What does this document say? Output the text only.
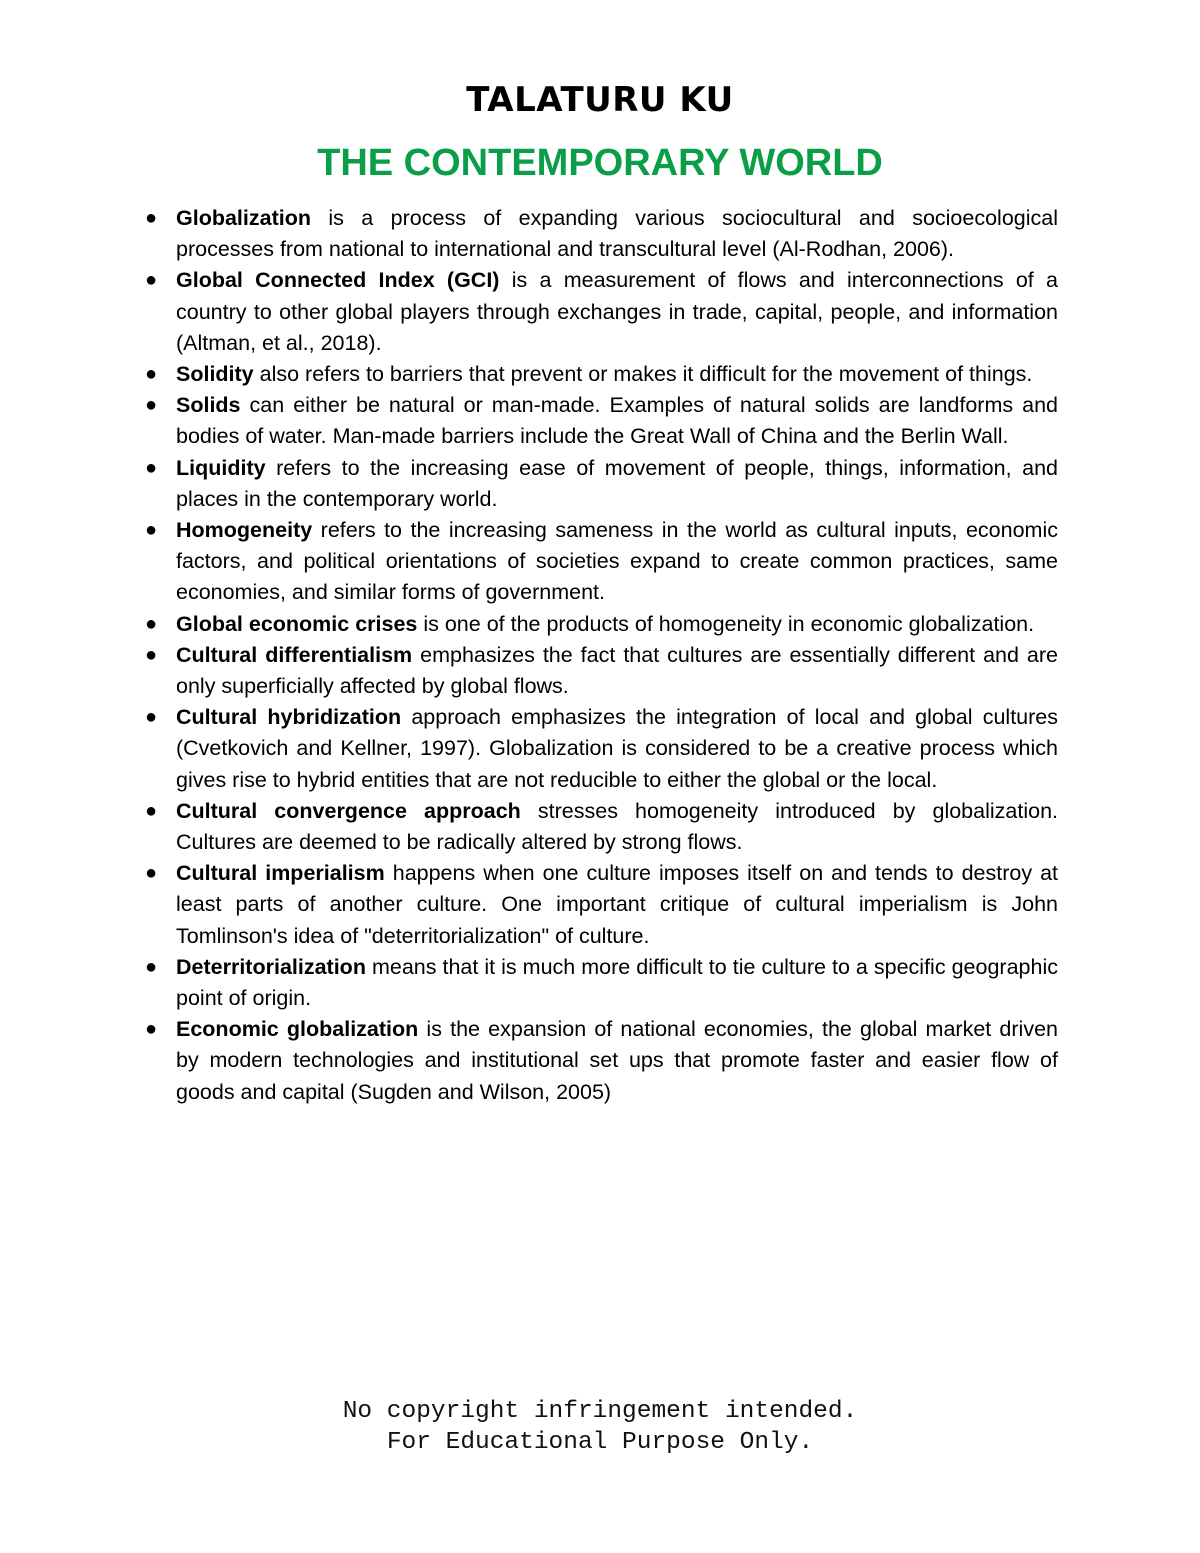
TALATURU KU
THE CONTEMPORARY WORLD
● Globalization is a process of expanding various sociocultural and socioecological processes from national to international and transcultural level (Al-Rodhan, 2006).
● Global Connected Index (GCI) is a measurement of flows and interconnections of a country to other global players through exchanges in trade, capital, people, and information (Altman, et al., 2018).
● Solidity also refers to barriers that prevent or makes it difficult for the movement of things.
● Solids can either be natural or man-made. Examples of natural solids are landforms and bodies of water. Man-made barriers include the Great Wall of China and the Berlin Wall.
● Liquidity refers to the increasing ease of movement of people, things, information, and places in the contemporary world.
● Homogeneity refers to the increasing sameness in the world as cultural inputs, economic factors, and political orientations of societies expand to create common practices, same economies, and similar forms of government.
● Global economic crises is one of the products of homogeneity in economic globalization.
● Cultural differentialism emphasizes the fact that cultures are essentially different and are only superficially affected by global flows.
● Cultural hybridization approach emphasizes the integration of local and global cultures (Cvetkovich and Kellner, 1997). Globalization is considered to be a creative process which gives rise to hybrid entities that are not reducible to either the global or the local.
● Cultural convergence approach stresses homogeneity introduced by globalization. Cultures are deemed to be radically altered by strong flows.
● Cultural imperialism happens when one culture imposes itself on and tends to destroy at least parts of another culture. One important critique of cultural imperialism is John Tomlinson's idea of "deterritorialization" of culture.
● Deterritorialization means that it is much more difficult to tie culture to a specific geographic point of origin.
● Economic globalization is the expansion of national economies, the global market driven by modern technologies and institutional set ups that promote faster and easier flow of goods and capital (Sugden and Wilson, 2005)
No copyright infringement intended.
For Educational Purpose Only.
